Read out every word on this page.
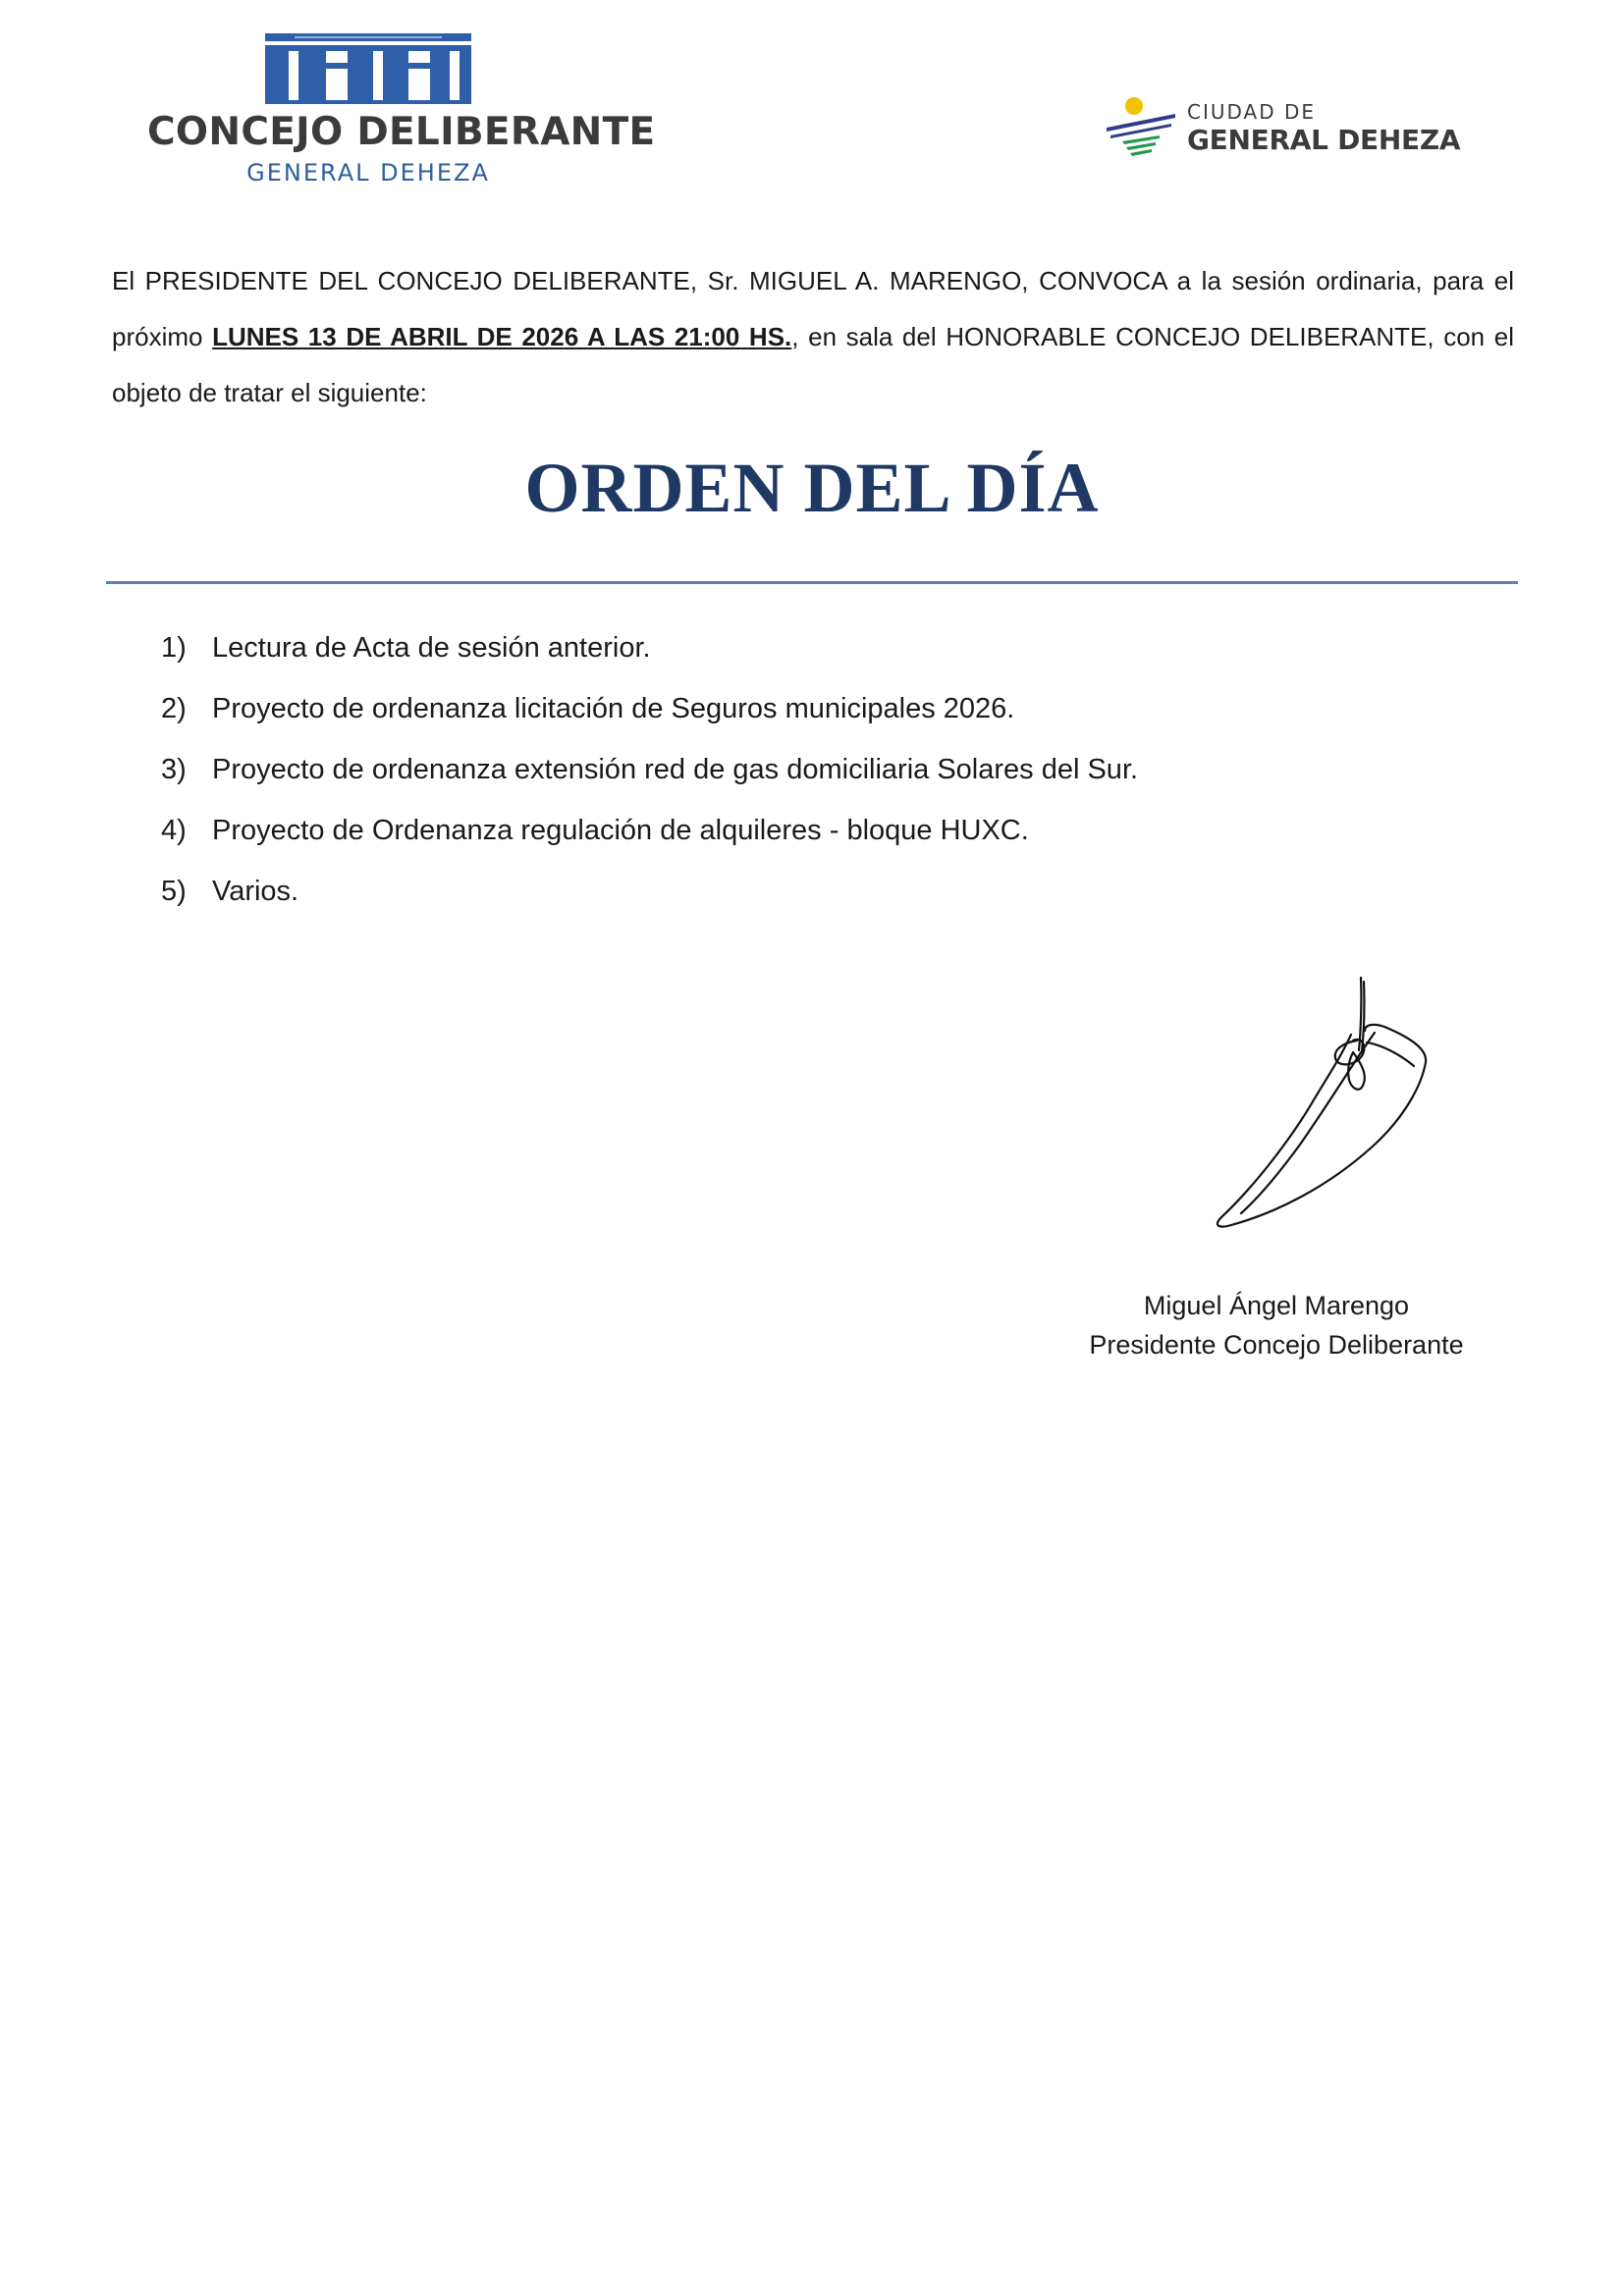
CONCEJO DELIBERANTE
GENERAL DEHEZA
CIUDAD DE
GENERAL DEHEZA

El PRESIDENTE DEL CONCEJO DELIBERANTE, Sr. MIGUEL A. MARENGO, CONVOCA a la sesión ordinaria, para el próximo LUNES 13 DE ABRIL DE 2026 A LAS 21:00 HS., en sala del HONORABLE CONCEJO DELIBERANTE, con el objeto de tratar el siguiente:

ORDEN DEL DÍA
1) Lectura de Acta de sesión anterior.
2) Proyecto de ordenanza licitación de Seguros municipales 2026.
3) Proyecto de ordenanza extensión red de gas domiciliaria Solares del Sur.
4) Proyecto de Ordenanza regulación de alquileres - bloque HUXC.
5) Varios.
Miguel Ángel Marengo
Presidente Concejo Deliberante
